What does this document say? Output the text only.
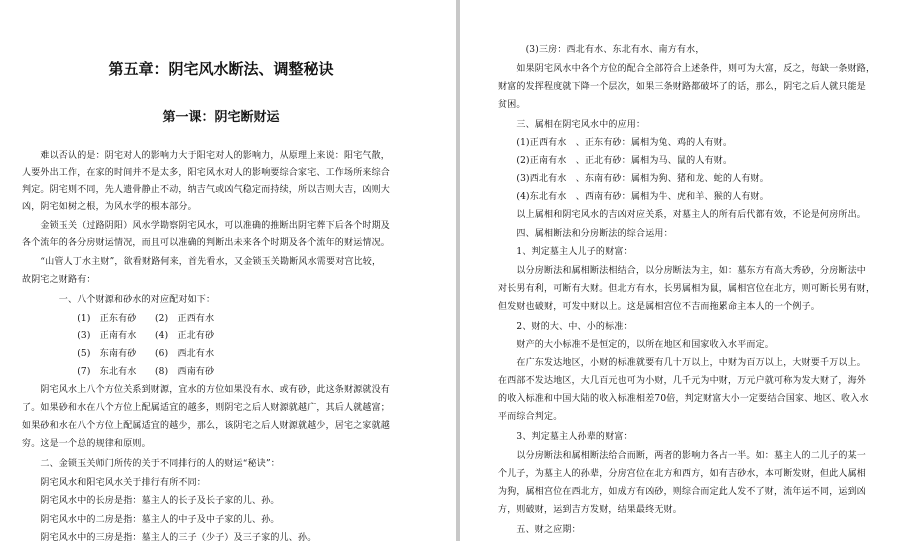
第五章：阴宅风水断法、调整秘诀
第一课：阴宅断财运
　　难以否认的是：阴宅对人的影响力大于阳宅对人的影响力，从原理上来说：阳宅气散，
人要外出工作，在家的时间并不是太多，阳宅风水对人的影响要综合家宅、工作场所来综合
判定。阴宅则不同，先人遗骨静止不动，纳吉气或凶气稳定而持续，所以吉则大吉，凶则大
凶，阴宅如树之根，为风水学的根本部分。
　　金锁玉关（过路阴阳）风水学勘察阴宅风水，可以准确的推断出阴宅葬下后各个时期及
各个流年的各分房财运情况，而且可以准确的判断出未来各个时期及各个流年的财运情况。
　　“山管人丁水主财”，欲看财路何来，首先看水，又金锁玉关勘断风水需要对宫比较，
故阴宅之财路有：
　　　　一、八个财源和砂水的对应配对如下：
　　　　　　(1)　正东有砂　　(2)　正西有水
　　　　　　(3)　正南有水　　(4)　正北有砂
　　　　　　(5)　东南有砂　　(6)　西北有水
　　　　　　(7)　东北有水　　(8)　西南有砂
　　阴宅风水上八个方位关系到财源，宜水的方位如果没有水、或有砂，此这条财源就没有
了。如果砂和水在八个方位上配属适宜的越多，则阴宅之后人财源就越广，其后人就越富；
如果砂和水在八个方位上配属适宜的越少，那么，该阴宅之后人财源就越少，居宅之家就越
穷。这是一个总的规律和原则。
　　二、金锁玉关师门所传的关于不同排行的人的财运“秘诀”：
　　阴宅风水和阳宅风水关于排行有所不同：
　　阴宅风水中的长房是指：墓主人的长子及长子家的儿、孙。
　　阴宅风水中的二房是指：墓主人的中子及中子家的儿、孙。
　　阴宅风水中的三房是指：墓主人的三子（少子）及三子家的儿、孙。
　　　(3)三房：西北有水、东北有水、南方有水，
　　如果阴宅风水中各个方位的配合全部符合上述条件，则可为大富，反之，每缺一条财路，
财富的发挥程度就下降一个层次，如果三条财路都破坏了的话，那么，阴宅之后人就只能是
贫困。
　　三、属相在阴宅风水中的应用：
　　(1)正西有水　、正东有砂：属相为兔、鸡的人有财。
　　(2)正南有水　、正北有砂：属相为马、鼠的人有财。
　　(3)西北有水　、东南有砂：属相为狗、猪和龙、蛇的人有财。
　　(4)东北有水　、西南有砂：属相为牛、虎和羊、猴的人有财。
　　以上属相和阴宅风水的吉凶对应关系，对墓主人的所有后代都有效，不论是何房所出。
　　四、属相断法和分房断法的综合运用：
　　1、判定墓主人儿子的财富：
　　以分房断法和属相断法相结合，以分房断法为主，如：墓东方有高大秀砂，分房断法中
对长男有利，可断有大财。但北方有水，长男属相为鼠，属相宫位在北方，则可断长男有财，
但发财也破财，可发中财以上。这是属相宫位不吉而拖累命主本人的一个例子。
　　2、财的大、中、小的标准：
　　财产的大小标准不是恒定的，以所在地区和国家收入水平而定。
　　在广东发达地区，小财的标准就要有几十万以上，中财为百万以上，大财要千万以上。
在西部不发达地区，大几百元也可为小财，几千元为中财，万元户就可称为发大财了，海外
的收入标准和中国大陆的收入标准相差70倍，判定财富大小一定要结合国家、地区、收入水
平而综合判定。
　　3、判定墓主人孙辈的财富：
　　以分房断法和属相断法给合而断，两者的影响力各占一半。如：墓主人的二儿子的某一
个儿子，为墓主人的孙辈，分房宫位在北方和西方，如有吉砂水，本可断发财，但此人属相
为狗，属相宫位在西北方，如成方有凶砂，则综合而定此人发不了财，流年运不同，运到凶
方，则破财，运到吉方发财，结果最终无财。
　　五、财之应期：
